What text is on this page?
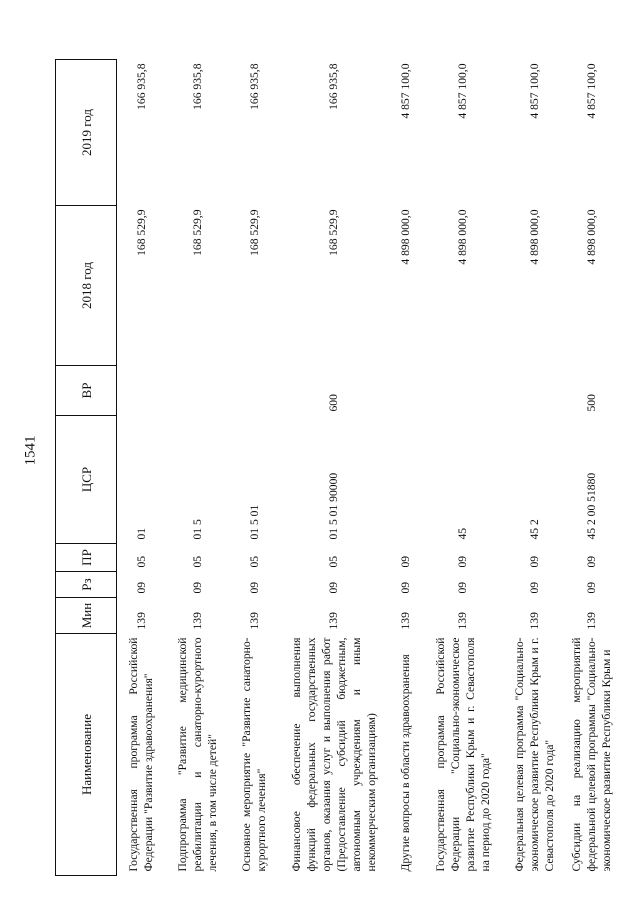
1541
Наименование	Мин	Рз	ПР	ЦСР	ВР	2018 год	2019 год
Государственная программа Российской Федерации "Развитие здравоохранения"	139	09	05	01		168 529,9	166 935,8
Подпрограмма "Развитие медицинской реабилитации и санаторно-курортного лечения, в том числе детей"	139	09	05	01 5		168 529,9	166 935,8
Основное мероприятие "Развитие санаторно-курортного лечения"	139	09	05	01 5 01		168 529,9	166 935,8
Финансовое обеспечение выполнения функций федеральных государственных органов, оказания услуг и выполнения работ (Предоставление субсидий бюджетным, автономным учреждениям и иным некоммерческим организациям)	139	09	05	01 5 01 90000	600	168 529,9	166 935,8
Другие вопросы в области здравоохранения	139	09	09			4 898 000,0	4 857 100,0
Государственная программа Российской Федерации "Социально-экономическое развитие Республики Крым и г. Севастополя на период до 2020 года"	139	09	09	45		4 898 000,0	4 857 100,0
Федеральная целевая программа "Социально-экономическое развитие Республики Крым и г. Севастополя до 2020 года"	139	09	09	45 2		4 898 000,0	4 857 100,0
Субсидии на реализацию мероприятий федеральной целевой программы "Социально-экономическое развитие Республики Крым и	139	09	09	45 2 00 51880	500	4 898 000,0	4 857 100,0
